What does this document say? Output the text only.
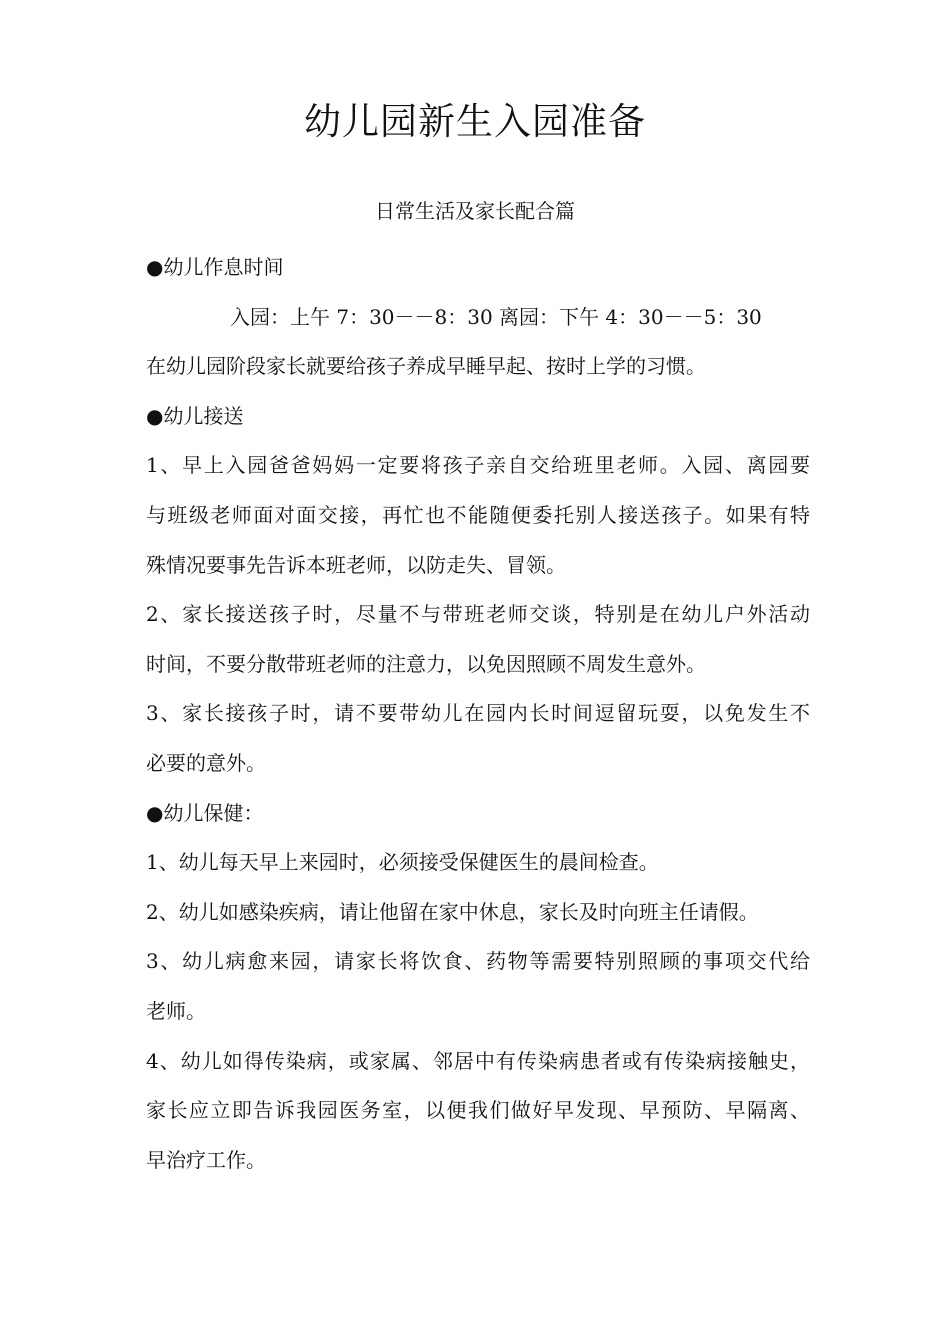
幼儿园新生入园准备
日常生活及家长配合篇

●幼儿作息时间

入园：上午 7：30－－8：30 离园：下午 4：30－－5：30

在幼儿园阶段家长就要给孩子养成早睡早起、按时上学的习惯。

●幼儿接送

1、早上入园爸爸妈妈一定要将孩子亲自交给班里老师。入园、离园要

与班级老师面对面交接，再忙也不能随便委托别人接送孩子。如果有特

殊情况要事先告诉本班老师，以防走失、冒领。

2、家长接送孩子时，尽量不与带班老师交谈，特别是在幼儿户外活动

时间，不要分散带班老师的注意力，以免因照顾不周发生意外。

3、家长接孩子时，请不要带幼儿在园内长时间逗留玩耍，以免发生不

必要的意外。

●幼儿保健：

1、幼儿每天早上来园时，必须接受保健医生的晨间检查。

2、幼儿如感染疾病，请让他留在家中休息，家长及时向班主任请假。

3、幼儿病愈来园，请家长将饮食、药物等需要特别照顾的事项交代给

老师。

4、幼儿如得传染病，或家属、邻居中有传染病患者或有传染病接触史，

家长应立即告诉我园医务室，以便我们做好早发现、早预防、早隔离、

早治疗工作。
